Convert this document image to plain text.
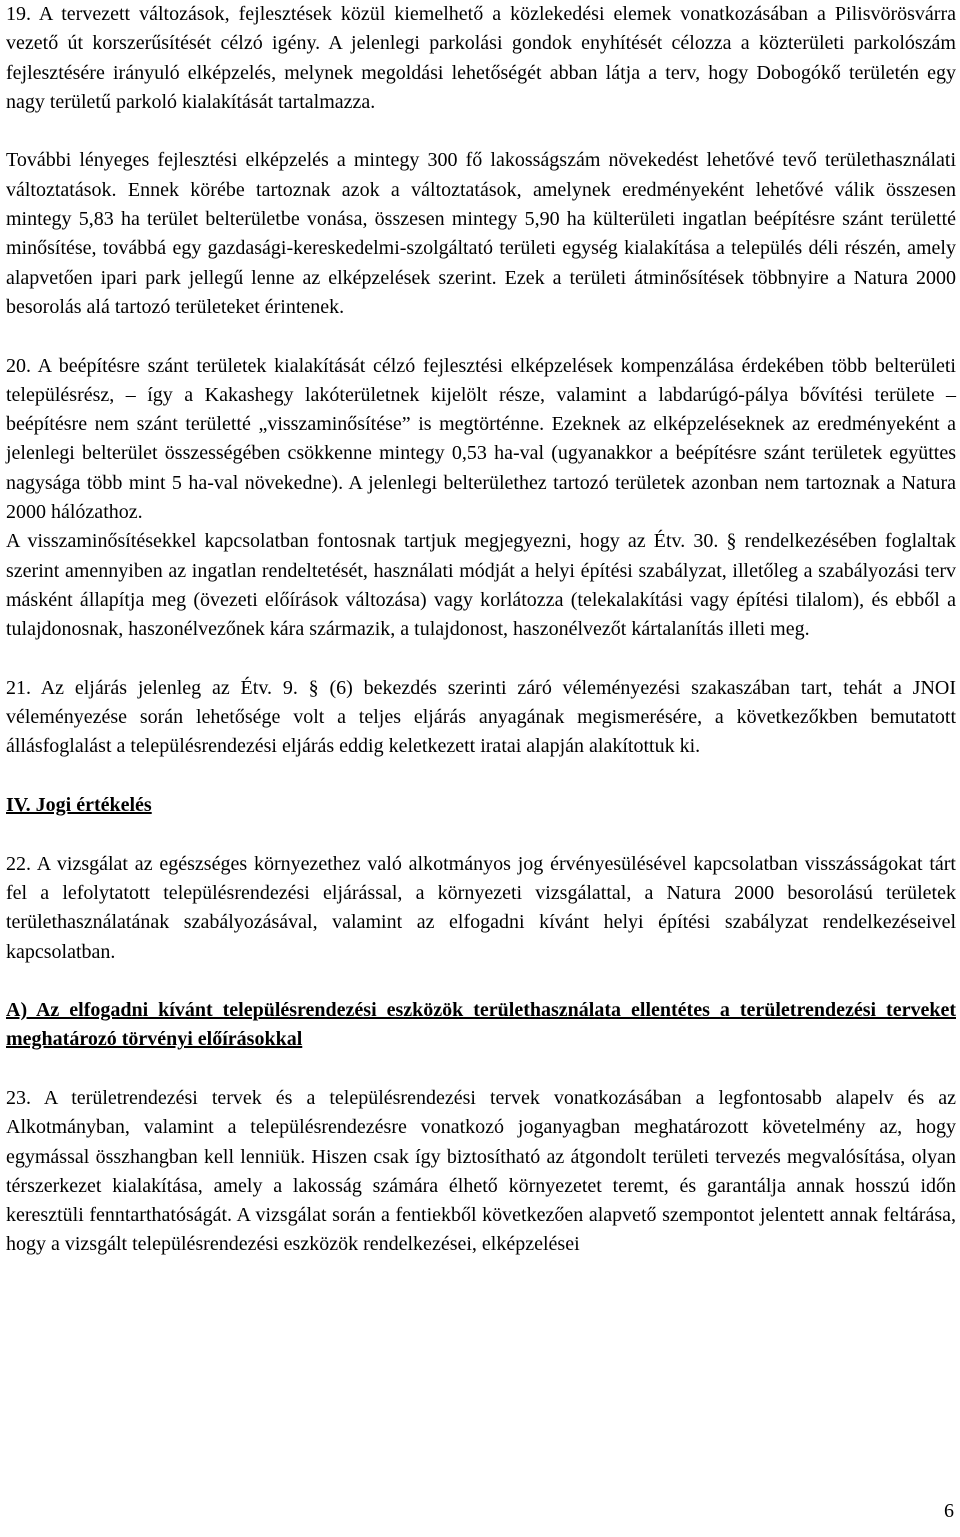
19. A tervezett változások, fejlesztések közül kiemelhető a közlekedési elemek vonatkozásában a Pilisvörösvárra vezető út korszerűsítését célzó igény. A jelenlegi parkolási gondok enyhítését célozza a közterületi parkolószám fejlesztésére irányuló elképzelés, melynek megoldási lehetőségét abban látja a terv, hogy Dobogókő területén egy nagy területű parkoló kialakítását tartalmazza.

További lényeges fejlesztési elképzelés a mintegy 300 fő lakosságszám növekedést lehetővé tevő területhasználati változtatások. Ennek körébe tartoznak azok a változtatások, amelynek eredményeként lehetővé válik összesen mintegy 5,83 ha terület belterületbe vonása, összesen mintegy 5,90 ha külterületi ingatlan beépítésre szánt területté minősítése, továbbá egy gazdasági-kereskedelmi-szolgáltató területi egység kialakítása a település déli részén, amely alapvetően ipari park jellegű lenne az elképzelések szerint. Ezek a területi átminősítések többnyire a Natura 2000 besorolás alá tartozó területeket érintenek.

20. A beépítésre szánt területek kialakítását célzó fejlesztési elképzelések kompenzálása érdekében több belterületi településrész, – így a Kakashegy lakóterületnek kijelölt része, valamint a labdarúgó-pálya bővítési területe – beépítésre nem szánt területté „visszaminősítése” is megtörténne. Ezeknek az elképzeléseknek az eredményeként a jelenlegi belterület összességében csökkenne mintegy 0,53 ha-val (ugyanakkor a beépítésre szánt területek együttes nagysága több mint 5 ha-val növekedne). A jelenlegi belterülethez tartozó területek azonban nem tartoznak a Natura 2000 hálózathoz.

A visszaminősítésekkel kapcsolatban fontosnak tartjuk megjegyezni, hogy az Étv. 30. § rendelkezésében foglaltak szerint amennyiben az ingatlan rendeltetését, használati módját a helyi építési szabályzat, illetőleg a szabályozási terv másként állapítja meg (övezeti előírások változása) vagy korlátozza (telekalakítási vagy építési tilalom), és ebből a tulajdonosnak, haszonélvezőnek kára származik, a tulajdonost, haszonélvezőt kártalanítás illeti meg.

21. Az eljárás jelenleg az Étv. 9. § (6) bekezdés szerinti záró véleményezési szakaszában tart, tehát a JNOI véleményezése során lehetősége volt a teljes eljárás anyagának megismerésére, a következőkben bemutatott állásfoglalást a településrendezési eljárás eddig keletkezett iratai alapján alakítottuk ki.

IV. Jogi értékelés

22. A vizsgálat az egészséges környezethez való alkotmányos jog érvényesülésével kapcsolatban visszásságokat tárt fel a lefolytatott településrendezési eljárással, a környezeti vizsgálattal, a Natura 2000 besorolású területek területhasználatának szabályozásával, valamint az elfogadni kívánt helyi építési szabályzat rendelkezéseivel kapcsolatban.

A) Az elfogadni kívánt településrendezési eszközök területhasználata ellentétes a területrendezési terveket meghatározó törvényi előírásokkal

23. A területrendezési tervek és a településrendezési tervek vonatkozásában a legfontosabb alapelv és az Alkotmányban, valamint a településrendezésre vonatkozó joganyagban meghatározott követelmény az, hogy egymással összhangban kell lenniük. Hiszen csak így biztosítható az átgondolt területi tervezés megvalósítása, olyan térszerkezet kialakítása, amely a lakosság számára élhető környezetet teremt, és garantálja annak hosszú időn keresztüli fenntarthatóságát. A vizsgálat során a fentiekből következően alapvető szempontot jelentett annak feltárása, hogy a vizsgált településrendezési eszközök rendelkezései, elképzelései

6
